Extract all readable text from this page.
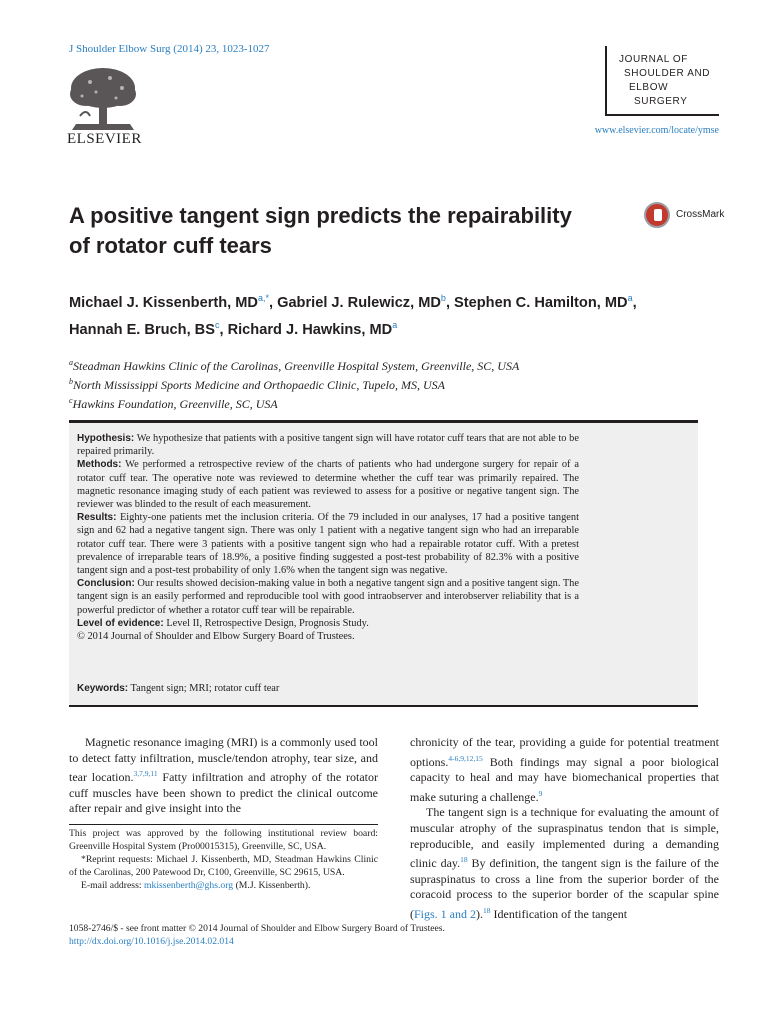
J Shoulder Elbow Surg (2014) 23, 1023-1027
ELSEVIER
JOURNAL OF
SHOULDER AND
ELBOW
SURGERY
www.elsevier.com/locate/ymse
A positive tangent sign predicts the repairability
of rotator cuff tears
CrossMark
Michael J. Kissenberth, $MD^{a,*}$, Gabriel J. Rulewicz, $MD^b$, Stephen C. Hamilton, $MD^a$,
Hannah E. Bruch, $BS^c$, Richard J. Hawkins, $MD^a$
$^a$Steadman Hawkins Clinic of the Carolinas, Greenville Hospital System, Greenville, SC, USA
$^b$North Mississippi Sports Medicine and Orthopaedic Clinic, Tupelo, MS, USA
$^c$Hawkins Foundation, Greenville, SC, USA

Hypothesis: We hypothesize that patients with a positive tangent sign will have rotator cuff tears that are not able to be repaired primarily.

Methods: We performed a retrospective review of the charts of patients who had undergone surgery for repair of a rotator cuff tear. The operative note was reviewed to determine whether the cuff tear was primarily repaired. The magnetic resonance imaging study of each patient was reviewed to assess for a positive or negative tangent sign. The reviewer was blinded to the result of each measurement.

Results: Eighty-one patients met the inclusion criteria. Of the 79 included in our analyses, 17 had a positive tangent sign and 62 had a negative tangent sign. There was only 1 patient with a negative tangent sign who had an irreparable rotator cuff tear. There were 3 patients with a positive tangent sign who had a repairable rotator cuff. With a pretest prevalence of irreparable tears of 18.9%, a positive finding suggested a post-test probability of 82.3% with a positive tangent sign and a post-test probability of only 1.6% when the tangent sign was negative.

Conclusion: Our results showed decision-making value in both a negative tangent sign and a positive tangent sign. The tangent sign is an easily performed and reproducible tool with good intraobserver and interobserver reliability that is a powerful predictor of whether a rotator cuff tear will be repairable.

Level of evidence: Level II, Retrospective Design, Prognosis Study.

© 2014 Journal of Shoulder and Elbow Surgery Board of Trustees.

Keywords: Tangent sign; MRI; rotator cuff tear

Magnetic resonance imaging (MRI) is a commonly used tool to detect fatty infiltration, muscle/tendon atrophy, tear size, and tear location.$^{3,7,9,11}$ Fatty infiltration and atrophy of the rotator cuff muscles have been shown to predict the clinical outcome after repair and give insight into the

This project was approved by the following institutional review board: Greenville Hospital System (Pro00015315), Greenville, SC, USA.

*Reprint requests: Michael J. Kissenberth, MD, Steadman Hawkins Clinic of the Carolinas, 200 Patewood Dr, C100, Greenville, SC 29615, USA.

E-mail address: mkissenberth@ghs.org (M.J. Kissenberth).

chronicity of the tear, providing a guide for potential treatment options.$^{4-6,9,12,15}$ Both findings may signal a poor biological capacity to heal and may have biomechanical properties that make suturing a challenge.$^9$

The tangent sign is a technique for evaluating the amount of muscular atrophy of the supraspinatus tendon that is simple, reproducible, and easily implemented during a demanding clinic day.$^{18}$ By definition, the tangent sign is the failure of the supraspinatus to cross a line from the superior border of the coracoid process to the superior border of the scapular spine (Figs. 1 and 2).$^{18}$ Identification of the tangent

1058-2746/$ - see front matter © 2014 Journal of Shoulder and Elbow Surgery Board of Trustees.
http://dx.doi.org/10.1016/j.jse.2014.02.014
